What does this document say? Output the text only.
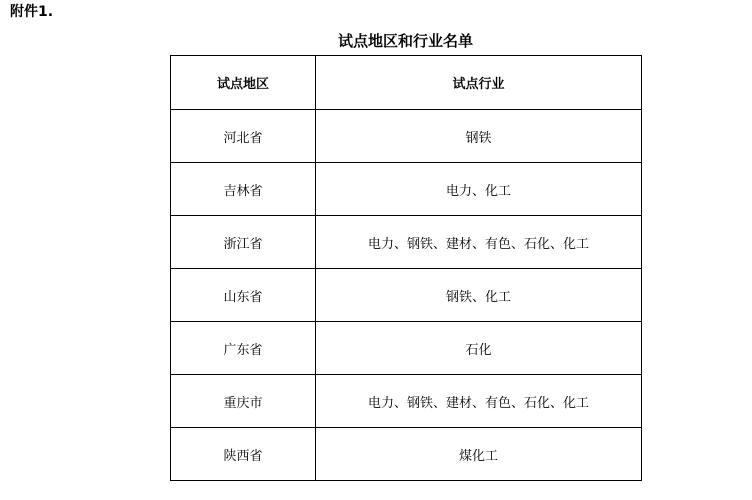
附件1.
试点地区和行业名单
试点地区	试点行业
河北省	钢铁
吉林省	电力、化工
浙江省	电力、钢铁、建材、有色、石化、化工
山东省	钢铁、化工
广东省	石化
重庆市	电力、钢铁、建材、有色、石化、化工
陕西省	煤化工
